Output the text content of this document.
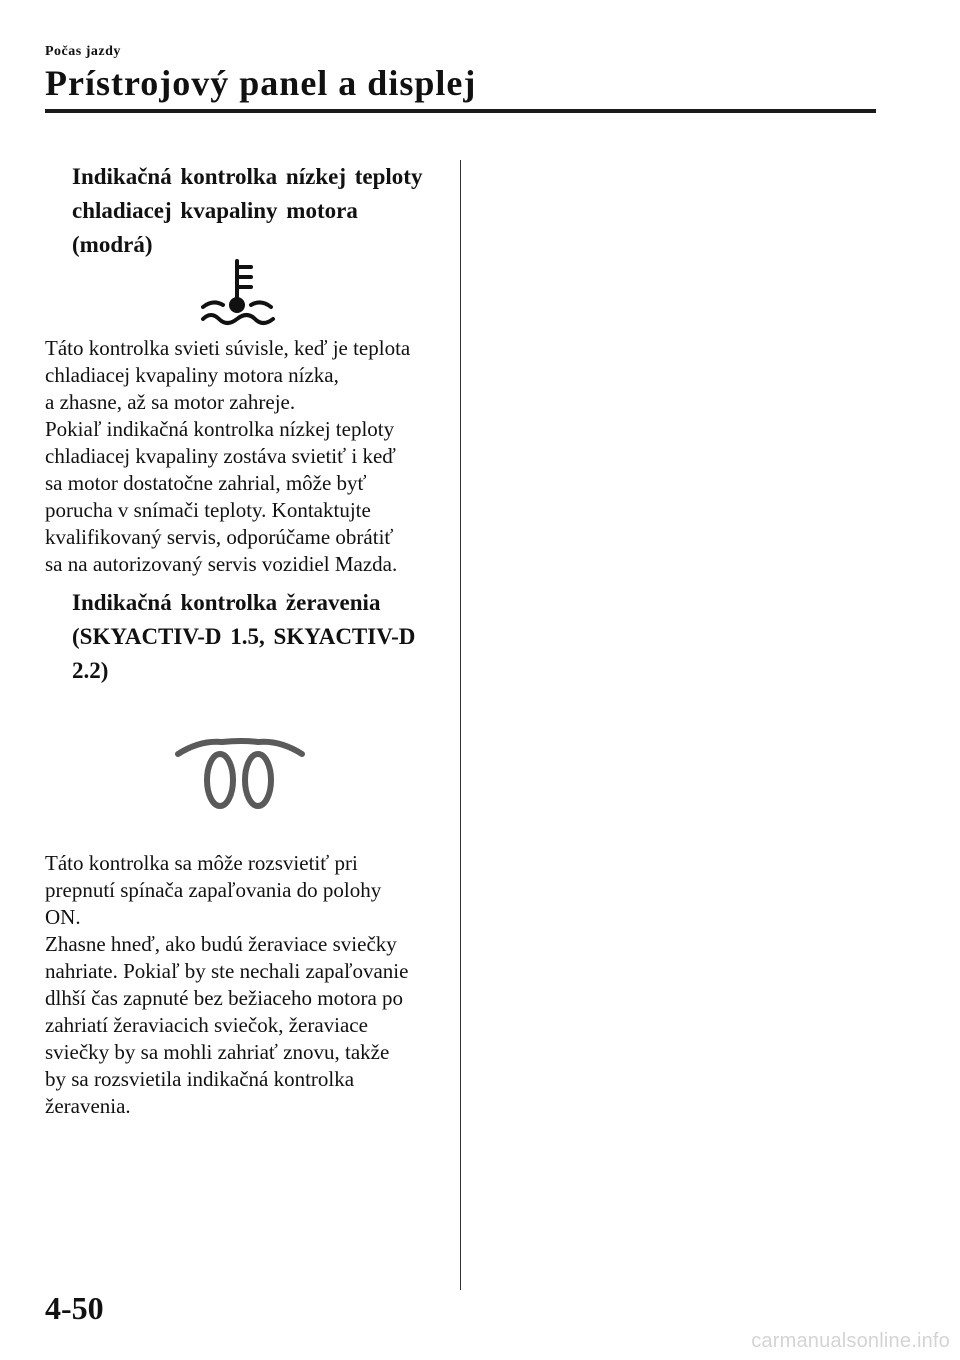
Počas jazdy
Prístrojový panel a displej
Indikačná kontrolka nízkej teploty chladiacej kvapaliny motora (modrá)
Táto kontrolka svieti súvisle, keď je teplota
chladiacej kvapaliny motora nízka,
a zhasne, až sa motor zahreje.
Pokiaľ indikačná kontrolka nízkej teploty
chladiacej kvapaliny zostáva svietiť i keď
sa motor dostatočne zahrial, môže byť
porucha v snímači teploty. Kontaktujte
kvalifikovaný servis, odporúčame obrátiť
sa na autorizovaný servis vozidiel Mazda.
Indikačná kontrolka žeravenia (SKYACTIV-D 1.5, SKYACTIV-D 2.2)
Táto kontrolka sa môže rozsvietiť pri
prepnutí spínača zapaľovania do polohy
ON.
Zhasne hneď, ako budú žeraviace sviečky
nahriate. Pokiaľ by ste nechali zapaľovanie
dlhší čas zapnuté bez bežiaceho motora po
zahriatí žeraviacich sviečok, žeraviace
sviečky by sa mohli zahriať znovu, takže
by sa rozsvietila indikačná kontrolka
žeravenia.
4-50
carmanualsonline.info
